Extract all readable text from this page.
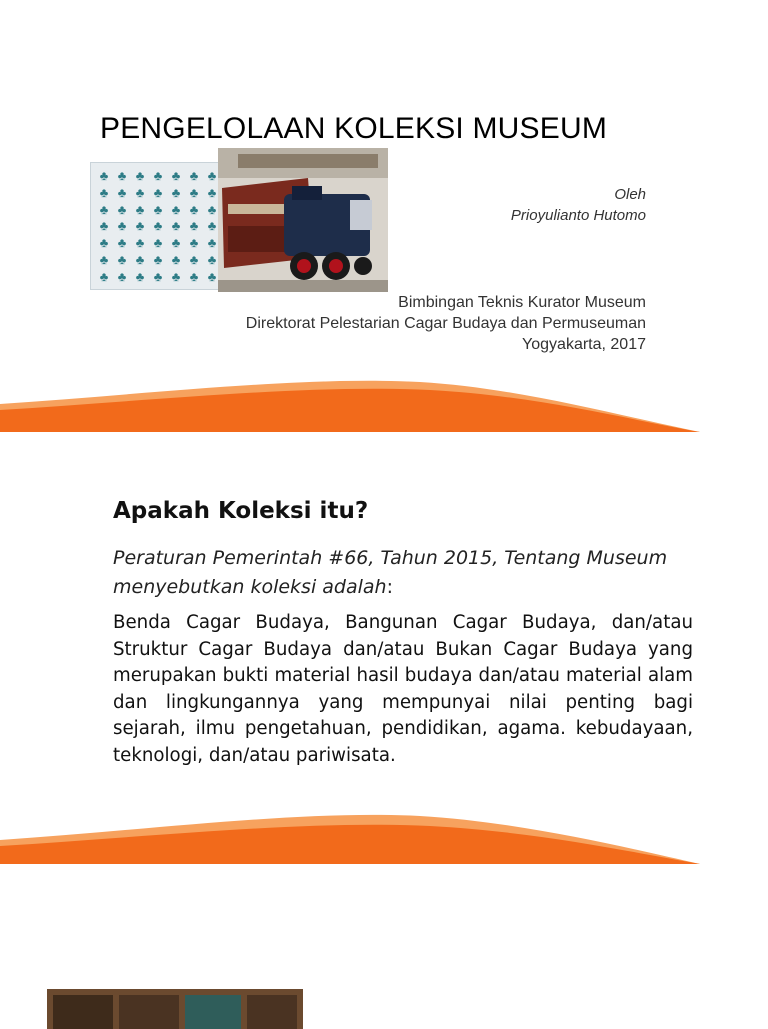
PENGELOLAAN KOLEKSI MUSEUM
♣ ♣ ♣ ♣ ♣ ♣ ♣
♣ ♣ ♣ ♣ ♣ ♣ ♣
♣ ♣ ♣ ♣ ♣ ♣ ♣
♣ ♣ ♣ ♣ ♣ ♣ ♣
♣ ♣ ♣ ♣ ♣ ♣ ♣
♣ ♣ ♣ ♣ ♣ ♣ ♣
♣ ♣ ♣ ♣ ♣ ♣ ♣
Oleh
Prioyulianto Hutomo
Bimbingan Teknis Kurator Museum
Direktorat Pelestarian Cagar Budaya dan Permuseuman
Yogyakarta, 2017
Apakah Koleksi itu?

Peraturan Pemerintah #66, Tahun 2015, Tentang Museum menyebutkan koleksi adalah:

Benda Cagar Budaya, Bangunan Cagar Budaya, dan/atau Struktur Cagar Budaya dan/atau Bukan Cagar Budaya yang merupakan bukti material hasil budaya dan/atau material alam dan lingkungannya yang mempunyai nilai penting bagi sejarah, ilmu pengetahuan, pendidikan, agama. kebudayaan, teknologi, dan/atau pariwisata.
